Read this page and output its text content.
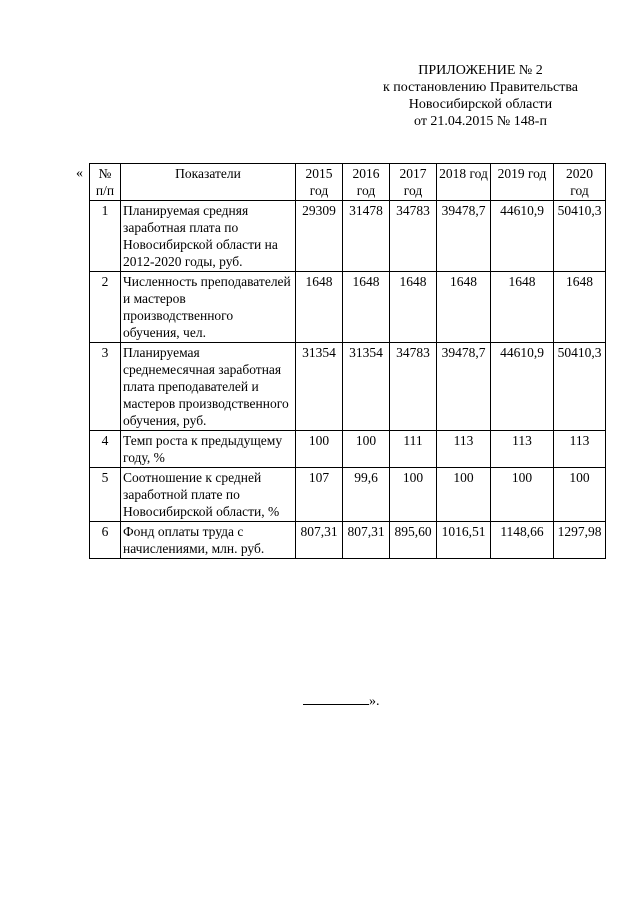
ПРИЛОЖЕНИЕ № 2
к постановлению Правительства
Новосибирской области
от 21.04.2015 № 148-п
« № п/п	Показатели	2015 год	2016 год	2017 год	2018 год	2019 год	2020 год
1	Планируемая средняя заработная плата по Новосибирской области на 2012-2020 годы, руб.	29309	31478	34783	39478,7	44610,9	50410,3
2	Численность преподавателей и мастеров производственного обучения, чел.	1648	1648	1648	1648	1648	1648
3	Планируемая среднемесячная заработная плата преподавателей и мастеров производственного обучения, руб.	31354	31354	34783	39478,7	44610,9	50410,3
4	Темп роста к предыдущему году, %	100	100	111	113	113	113
5	Соотношение к средней заработной плате по Новосибирской области, %	107	99,6	100	100	100	100
6	Фонд оплаты труда с начислениями, млн. руб.	807,31	807,31	895,60	1016,51	1148,66	1297,98
».
